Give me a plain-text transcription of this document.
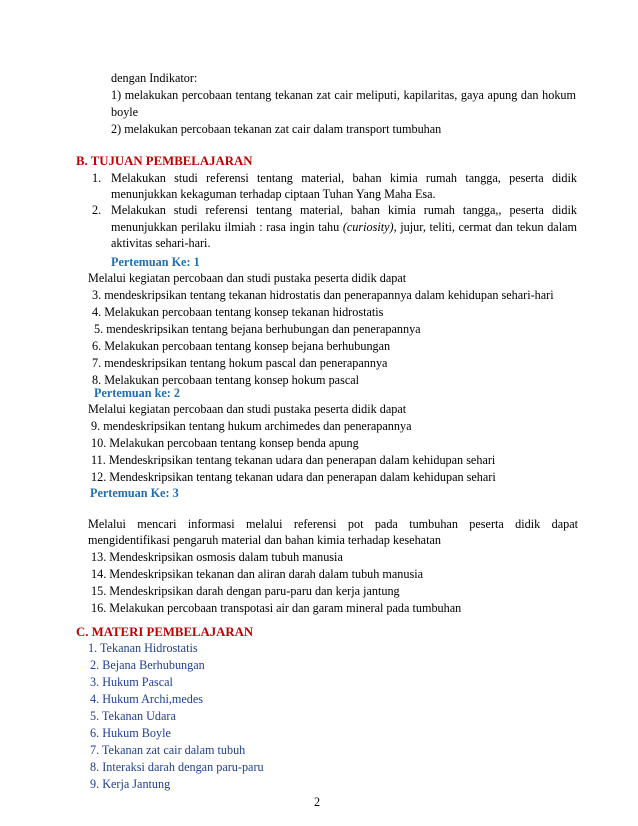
dengan Indikator:
1) melakukan percobaan tentang tekanan zat cair meliputi, kapilaritas, gaya apung dan hokum
boyle
2) melakukan percobaan tekanan zat cair dalam transport tumbuhan
B. TUJUAN PEMBELAJARAN
1. Melakukan studi referensi tentang material, bahan kimia rumah tangga, peserta didik
menunjukkan kekaguman terhadap ciptaan Tuhan Yang Maha Esa.
2. Melakukan studi referensi tentang material, bahan kimia rumah tangga,, peserta didik
menunjukkan perilaku ilmiah : rasa ingin tahu (curiosity), jujur, teliti, cermat dan tekun dalam
aktivitas sehari-hari.
Pertemuan Ke: 1
Melalui kegiatan percobaan dan studi pustaka peserta didik dapat
3. mendeskripsikan tentang tekanan hidrostatis dan penerapannya dalam kehidupan sehari-hari
4. Melakukan percobaan tentang konsep tekanan hidrostatis
5. mendeskripsikan tentang bejana berhubungan dan penerapannya
6. Melakukan percobaan tentang konsep bejana berhubungan
7. mendeskripsikan tentang hokum pascal dan penerapannya
8. Melakukan percobaan tentang konsep hokum pascal
Pertemuan ke: 2
Melalui kegiatan percobaan dan studi pustaka peserta didik dapat
9. mendeskripsikan tentang hukum archimedes dan penerapannya
10. Melakukan percobaan tentang konsep benda apung
11. Mendeskripsikan tentang tekanan udara dan penerapan dalam kehidupan sehari
12. Mendeskripsikan tentang tekanan udara dan penerapan dalam kehidupan sehari
Pertemuan Ke: 3
Melalui mencari informasi melalui referensi pot pada tumbuhan peserta didik dapat
mengidentifikasi pengaruh material dan bahan kimia terhadap kesehatan
13. Mendeskripsikan osmosis dalam tubuh manusia
14. Mendeskripsikan tekanan dan aliran darah dalam tubuh manusia
15. Mendeskripsikan darah dengan paru-paru dan kerja jantung
16. Melakukan percobaan transpotasi air dan garam mineral pada tumbuhan
C. MATERI PEMBELAJARAN
1. Tekanan Hidrostatis
2. Bejana Berhubungan
3. Hukum Pascal
4. Hukum Archi,medes
5. Tekanan Udara
6. Hukum Boyle
7. Tekanan zat cair dalam tubuh
8. Interaksi darah dengan paru-paru
9. Kerja Jantung
2
